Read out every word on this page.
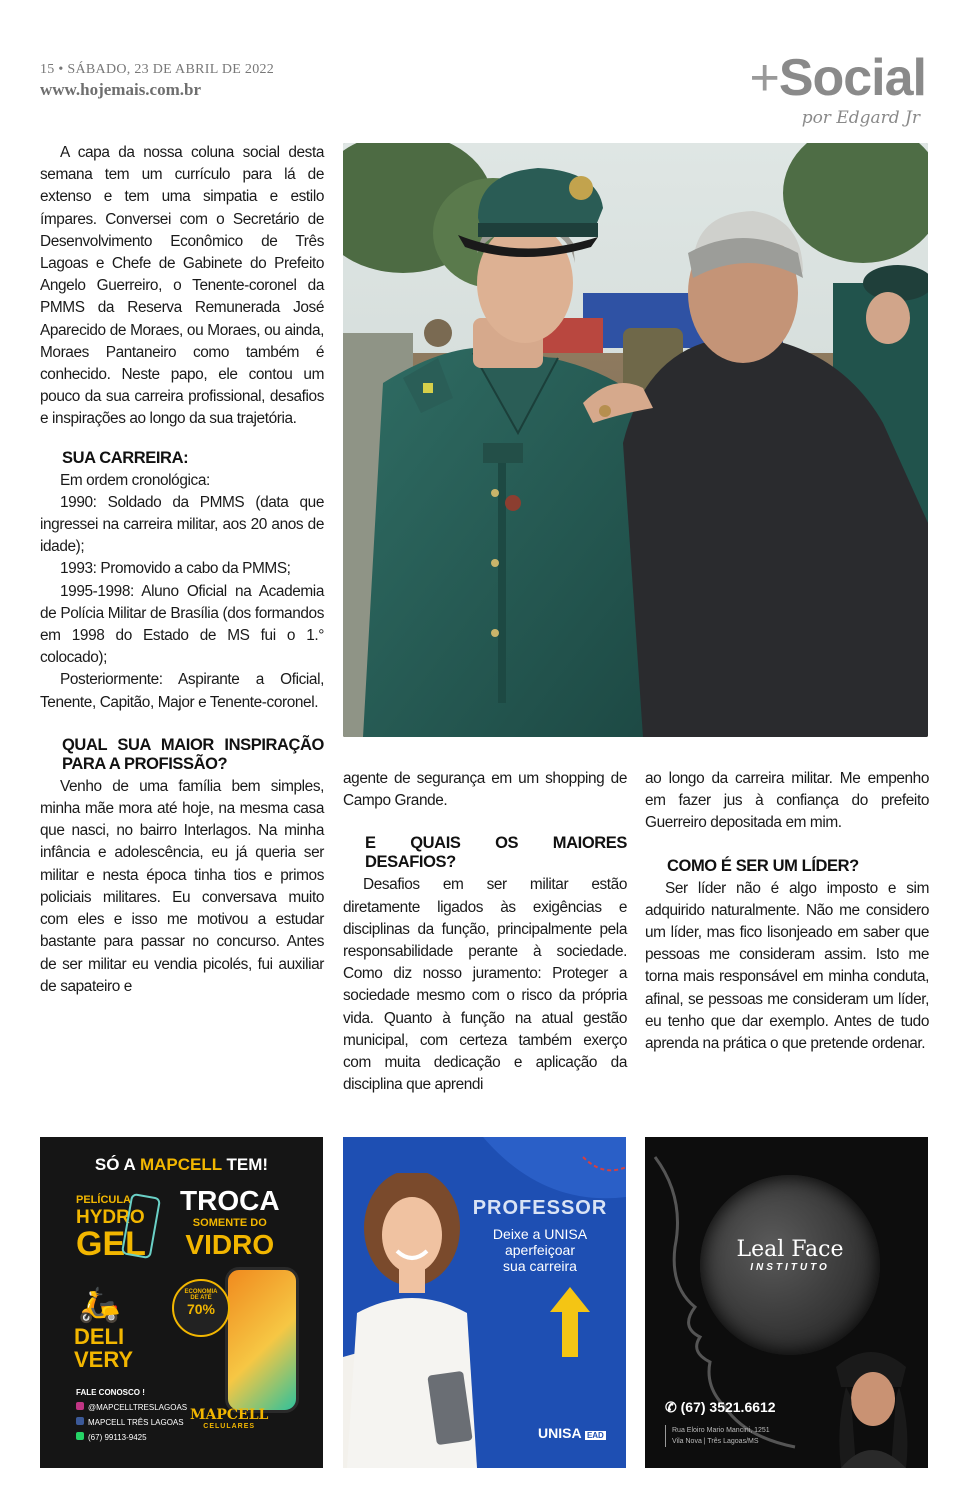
15 • SÁBADO, 23 DE ABRIL DE 2022
www.hojemais.com.br	+Social
por Edgard Jr

A capa da nossa coluna social desta semana tem um currículo para lá de extenso e tem uma simpatia e estilo ímpares. Conversei com o Secretário de Desenvolvimento Econômico de Três Lagoas e Chefe de Gabinete do Prefeito Angelo Guerreiro, o Tenente-coronel da PMMS da Reserva Remunerada José Aparecido de Moraes, ou Moraes, ou ainda, Moraes Pantaneiro como também é conhecido. Neste papo, ele contou um pouco da sua carreira profissional, desafios e inspirações ao longo da sua trajetória.

SUA CARREIRA:

Em ordem cronológica:

1990: Soldado da PMMS (data que ingressei na carreira militar, aos 20 anos de idade);

1993: Promovido a cabo da PMMS;

1995-1998: Aluno Oficial na Academia de Polícia Militar de Brasília (dos formandos em 1998 do Estado de MS fui o 1.° colocado);

Posteriormente: Aspirante a Oficial, Tenente, Capitão, Major e Tenente-coronel.

QUAL SUA MAIOR INSPIRAÇÃO PARA A PROFISSÃO?

Venho de uma família bem simples, minha mãe mora até hoje, na mesma casa que nasci, no bairro Interlagos. Na minha infância e adolescência, eu já queria ser militar e nesta época tinha tios e primos policiais militares. Eu conversava muito com eles e isso me motivou a estudar bastante para passar no concurso. Antes de ser militar eu vendia picolés, fui auxiliar de sapateiro e

agente de segurança em um shopping de Campo Grande.

E QUAIS OS MAIORES DESAFIOS?

Desafios em ser militar estão diretamente ligados às exigências e disciplinas da função, principalmente pela responsabilidade perante à sociedade. Como diz nosso juramento: Proteger a sociedade mesmo com o risco da própria vida. Quanto à função na atual gestão municipal, com certeza também exerço com muita dedicação e aplicação da disciplina que aprendi

ao longo da carreira militar. Me empenho em fazer jus à confiança do prefeito Guerreiro depositada em mim.

COMO É SER UM LÍDER?

Ser líder não é algo imposto e sim adquirido naturalmente. Não me considero um líder, mas fico lisonjeado em saber que pessoas me consideram assim. Isto me torna mais responsável em minha conduta, afinal, se pessoas me consideram um líder, eu tenho que dar exemplo. Antes de tudo aprenda na prática o que pretende ordenar.

SÓ A MAPCELL TEM!
PELÍCULA
HYDRO
GEL
TROCA
SOMENTE DO
VIDRO
ECONOMIA
DE ATÉ
70%
🛵
DELI
VERY
FALE CONOSCO !
@MAPCELLTRESLAGOAS
MAPCELL TRÊS LAGOAS
(67) 99113-9425
MAPCELL
CELULARES
PROFESSOR
Deixe a UNISA
aperfeiçoar
sua carreira
UNISA EAD
Leal Face
INSTITUTO
✆ (67) 3521.6612
Rua Eloiro Mario Mancini, 1251
Vila Nova | Três Lagoas/MS
